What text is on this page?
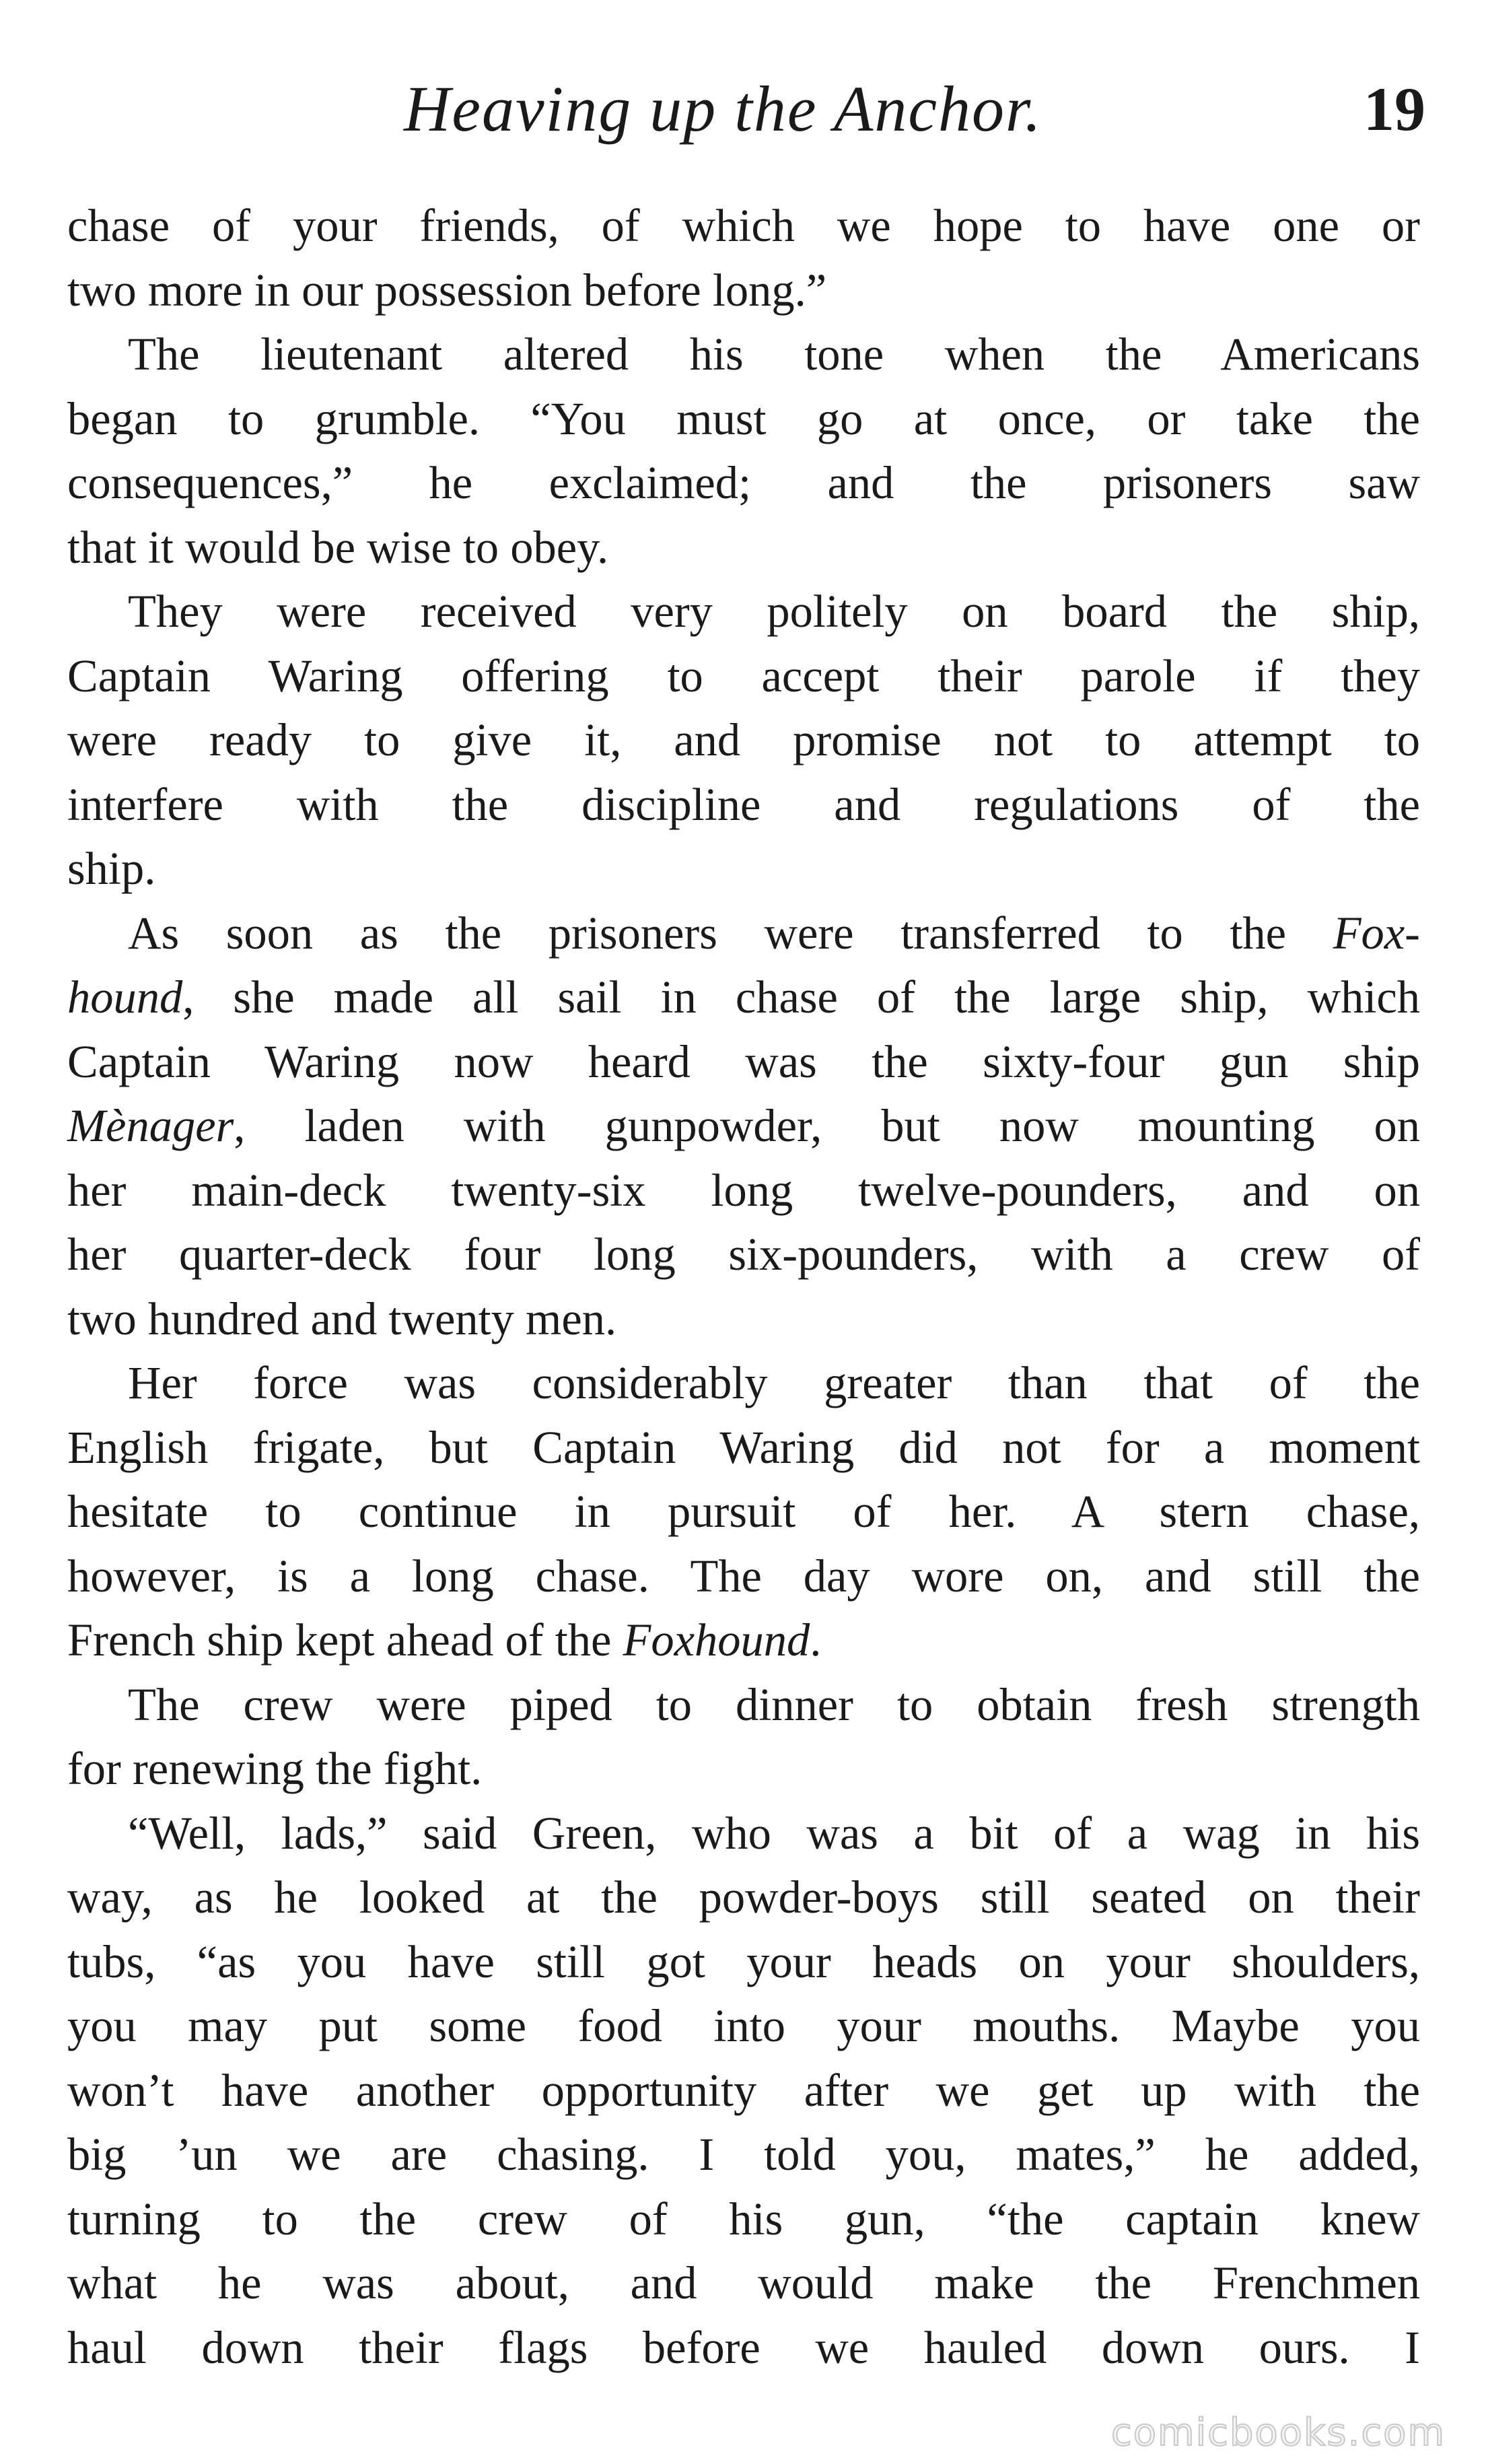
Heaving up the Anchor.	19
chase of your friends, of which we hope to have one or
two more in our possession before long.”
The lieutenant altered his tone when the Americans
began to grumble. “You must go at once, or take the
consequences,” he exclaimed; and the prisoners saw
that it would be wise to obey.
They were received very politely on board the ship,
Captain Waring offering to accept their parole if they
were ready to give it, and promise not to attempt to
interfere with the discipline and regulations of the
ship.
As soon as the prisoners were transferred to the Fox-
hound, she made all sail in chase of the large ship, which
Captain Waring now heard was the sixty-four gun ship
Mènager, laden with gunpowder, but now mounting on
her main-deck twenty-six long twelve-pounders, and on
her quarter-deck four long six-pounders, with a crew of
two hundred and twenty men.
Her force was considerably greater than that of the
English frigate, but Captain Waring did not for a moment
hesitate to continue in pursuit of her. A stern chase,
however, is a long chase. The day wore on, and still the
French ship kept ahead of the Foxhound.
The crew were piped to dinner to obtain fresh strength
for renewing the fight.
“Well, lads,” said Green, who was a bit of a wag in his
way, as he looked at the powder-boys still seated on their
tubs, “as you have still got your heads on your shoulders,
you may put some food into your mouths. Maybe you
won’t have another opportunity after we get up with the
big ’un we are chasing. I told you, mates,” he added,
turning to the crew of his gun, “the captain knew
what he was about, and would make the Frenchmen
haul down their flags before we hauled down ours. I
comicbooks.com
